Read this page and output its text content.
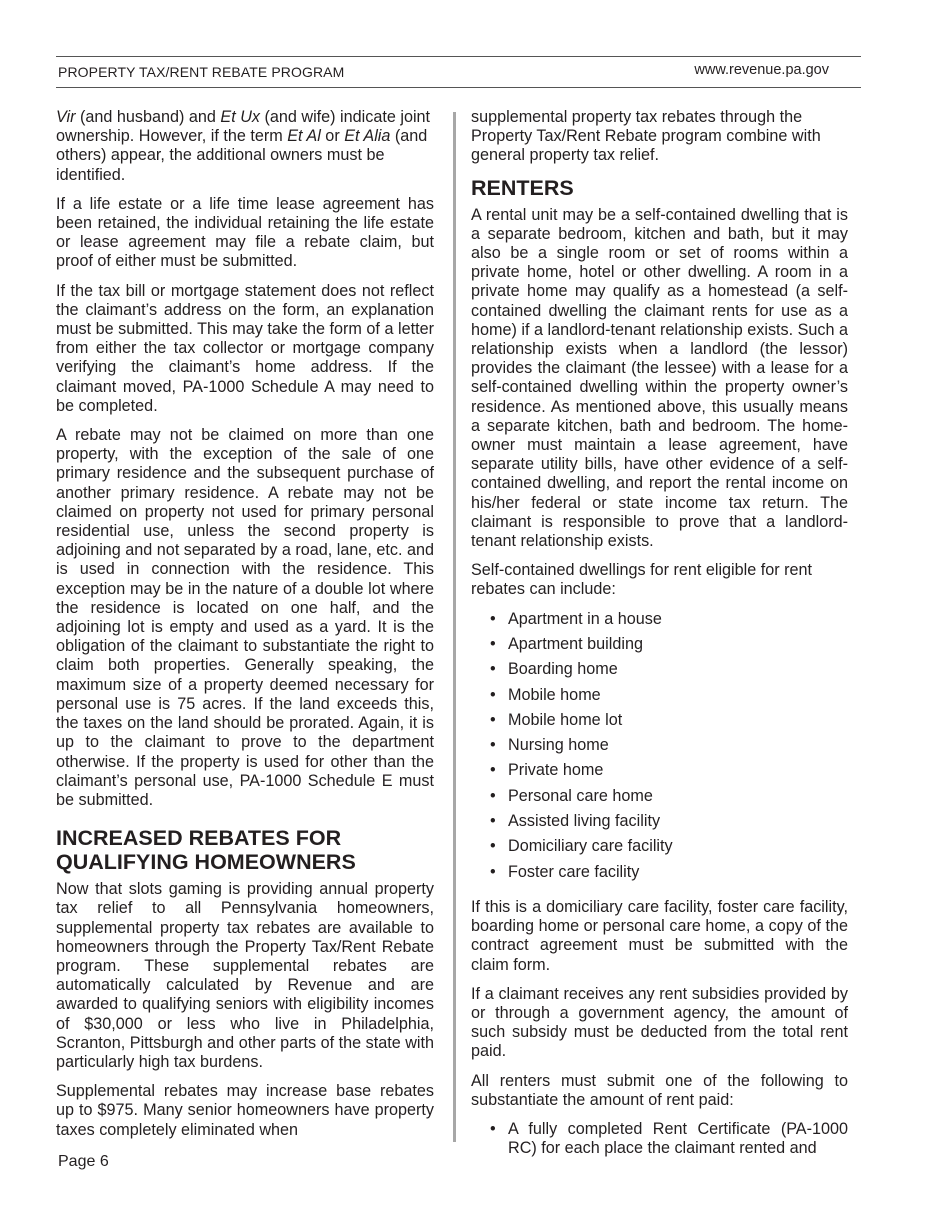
PROPERTY TAX/RENT REBATE PROGRAM	www.revenue.pa.gov

Vir (and husband) and Et Ux (and wife) indicate joint ownership. However, if the term Et Al or Et Alia (and others) appear, the additional owners must be identified.

If a life estate or a life time lease agreement has been retained, the individual retaining the life estate or lease agreement may file a rebate claim, but proof of either must be submitted.

If the tax bill or mortgage statement does not reflect the claimant’s address on the form, an explanation must be submitted. This may take the form of a letter from either the tax collector or mortgage company verifying the claimant’s home address. If the claimant moved, PA-1000 Schedule A may need to be completed.

A rebate may not be claimed on more than one property, with the exception of the sale of one primary residence and the subsequent purchase of another primary residence. A rebate may not be claimed on property not used for primary personal residential use, unless the second property is adjoining and not separated by a road, lane, etc. and is used in connection with the residence. This exception may be in the nature of a double lot where the residence is located on one half, and the adjoining lot is empty and used as a yard. It is the obligation of the claimant to substantiate the right to claim both properties. Generally speaking, the maximum size of a property deemed necessary for personal use is 75 acres. If the land exceeds this, the taxes on the land should be prorated. Again, it is up to the claimant to prove to the department otherwise. If the property is used for other than the claimant’s personal use, PA-1000 Schedule E must be submitted.

INCREASED REBATES FOR
QUALIFYING HOMEOWNERS

Now that slots gaming is providing annual property tax relief to all Pennsylvania homeowners, supplemental property tax rebates are available to homeowners through the Property Tax/Rent Rebate program. These supplemental rebates are automatically calculated by Revenue and are awarded to qualifying seniors with eligibility incomes of $30,000 or less who live in Philadelphia, Scranton, Pittsburgh and other parts of the state with particularly high tax burdens.

Supplemental rebates may increase base rebates up to $975. Many senior homeowners have property taxes completely eliminated when

supplemental property tax rebates through the Property Tax/Rent Rebate program combine with general property tax relief.

RENTERS

A rental unit may be a self-contained dwelling that is a separate bedroom, kitchen and bath, but it may also be a single room or set of rooms within a private home, hotel or other dwelling. A room in a private home may qualify as a homestead (a self-contained dwelling the claimant rents for use as a home) if a landlord-tenant relationship exists. Such a relationship exists when a landlord (the lessor) provides the claimant (the lessee) with a lease for a self-contained dwelling within the property owner’s residence. As mentioned above, this usually means a separate kitchen, bath and bedroom. The home-owner must maintain a lease agreement, have separate utility bills, have other evidence of a self-contained dwelling, and report the rental income on his/her federal or state income tax return. The claimant is responsible to prove that a landlord-tenant relationship exists.

Self-contained dwellings for rent eligible for rent rebates can include:

• Apartment in a house
• Apartment building
• Boarding home
• Mobile home
• Mobile home lot
• Nursing home
• Private home
• Personal care home
• Assisted living facility
• Domiciliary care facility
• Foster care facility

If this is a domiciliary care facility, foster care facility, boarding home or personal care home, a copy of the contract agreement must be submitted with the claim form.

If a claimant receives any rent subsidies provided by or through a government agency, the amount of such subsidy must be deducted from the total rent paid.

All renters must submit one of the following to substantiate the amount of rent paid:

• A fully completed Rent Certificate (PA-1000 RC) for each place the claimant rented and
Page 6
